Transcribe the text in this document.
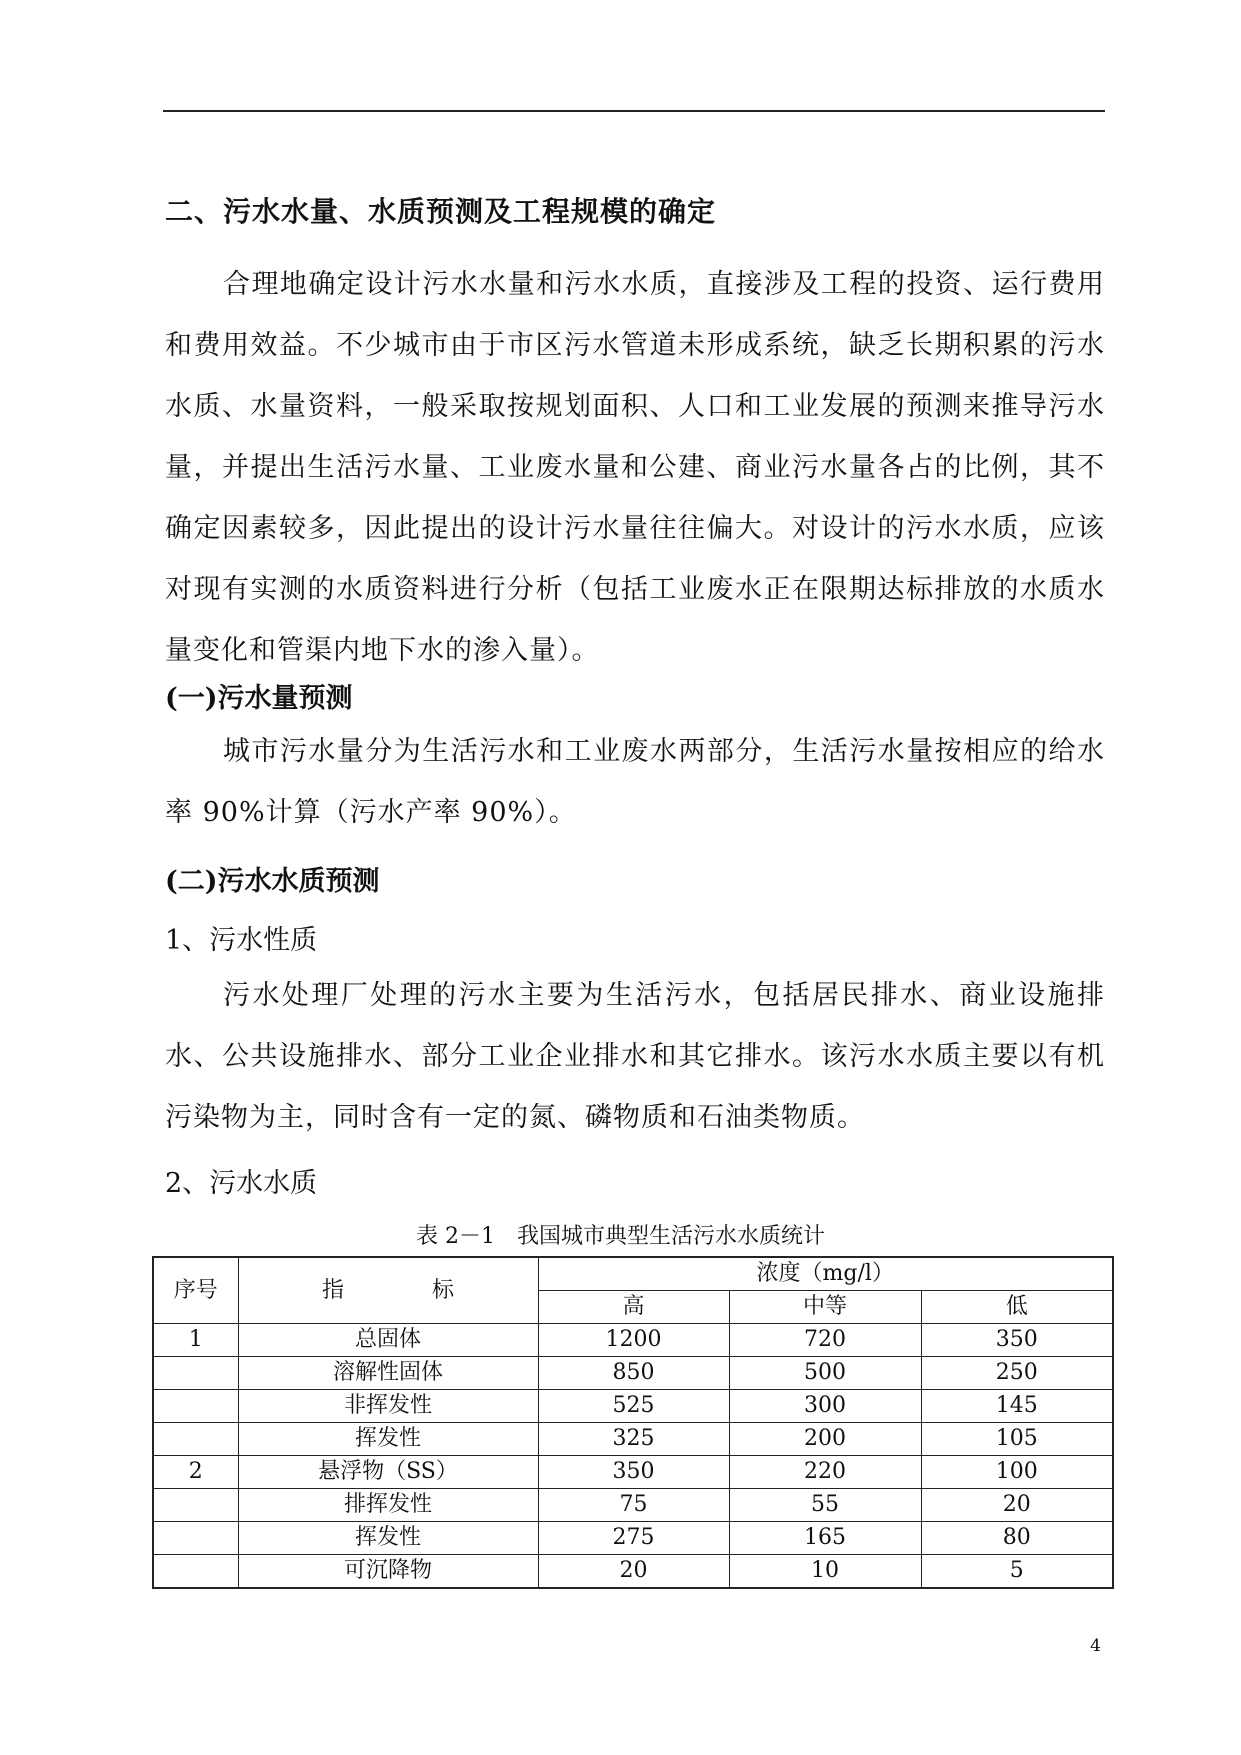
二、污水水量、水质预测及工程规模的确定

合理地确定设计污水水量和污水水质，直接涉及工程的投资、运行费用和费用效益。不少城市由于市区污水管道未形成系统，缺乏长期积累的污水水质、水量资料，一般采取按规划面积、人口和工业发展的预测来推导污水量，并提出生活污水量、工业废水量和公建、商业污水量各占的比例，其不确定因素较多，因此提出的设计污水量往往偏大。对设计的污水水质，应该对现有实测的水质资料进行分析（包括工业废水正在限期达标排放的水质水量变化和管渠内地下水的渗入量）。

(一)污水量预测

城市污水量分为生活污水和工业废水两部分，生活污水量按相应的给水率 90%计算（污水产率 90%）。

(二)污水水质预测
1、污水性质

污水处理厂处理的污水主要为生活污水，包括居民排水、商业设施排水、公共设施排水、部分工业企业排水和其它排水。该污水水质主要以有机污染物为主，同时含有一定的氮、磷物质和石油类物质。

2、污水水质
表 2－1　我国城市典型生活污水水质统计
序号	指　　　　标	浓度（mg/l）		
		高	中等	低
1	总固体	1200	720	350
	溶解性固体	850	500	250
	非挥发性	525	300	145
	挥发性	325	200	105
2	悬浮物（SS）	350	220	100
	排挥发性	75	55	20
	挥发性	275	165	80
	可沉降物	20	10	5
4
